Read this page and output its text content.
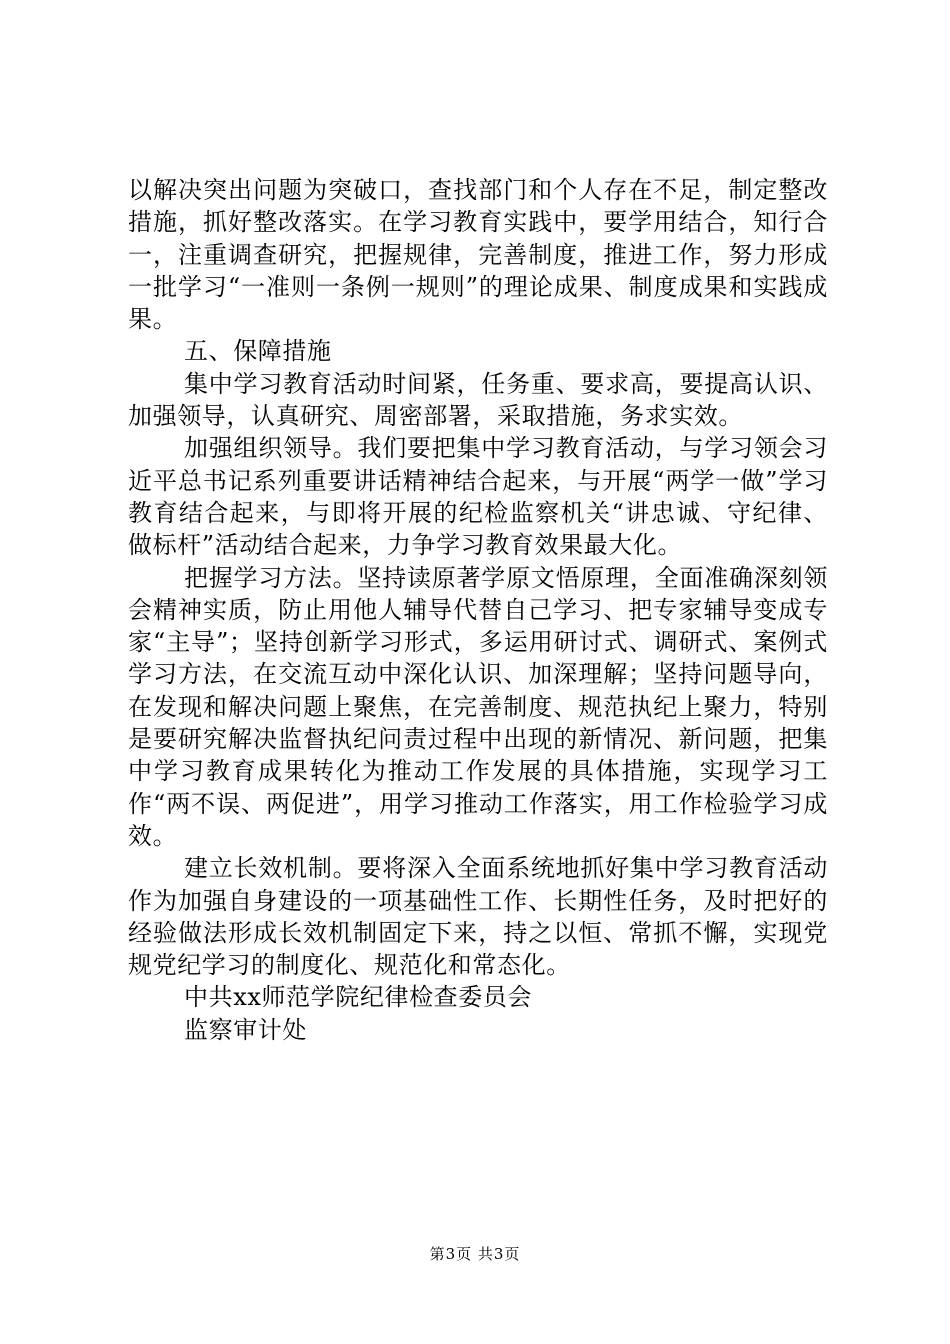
以解决突出问题为突破口，查找部门和个人存在不足，制定整改措施，抓好整改落实。在学习教育实践中，要学用结合，知行合一，注重调查研究，把握规律，完善制度，推进工作，努力形成一批学习“一准则一条例一规则”的理论成果、制度成果和实践成果。

五、保障措施

集中学习教育活动时间紧，任务重、要求高，要提高认识、加强领导，认真研究、周密部署，采取措施，务求实效。

加强组织领导。我们要把集中学习教育活动，与学习领会习近平总书记系列重要讲话精神结合起来，与开展“两学一做”学习教育结合起来，与即将开展的纪检监察机关“讲忠诚、守纪律、做标杆”活动结合起来，力争学习教育效果最大化。

把握学习方法。坚持读原著学原文悟原理，全面准确深刻领会精神实质，防止用他人辅导代替自己学习、把专家辅导变成专家“主导”；坚持创新学习形式，多运用研讨式、调研式、案例式学习方法，在交流互动中深化认识、加深理解；坚持问题导向，在发现和解决问题上聚焦，在完善制度、规范执纪上聚力，特别是要研究解决监督执纪问责过程中出现的新情况、新问题，把集中学习教育成果转化为推动工作发展的具体措施，实现学习工作“两不误、两促进”，用学习推动工作落实，用工作检验学习成效。

建立长效机制。要将深入全面系统地抓好集中学习教育活动作为加强自身建设的一项基础性工作、长期性任务，及时把好的经验做法形成长效机制固定下来，持之以恒、常抓不懈，实现党规党纪学习的制度化、规范化和常态化。

中共xx师范学院纪律检查委员会

监察审计处

第3页 共3页
